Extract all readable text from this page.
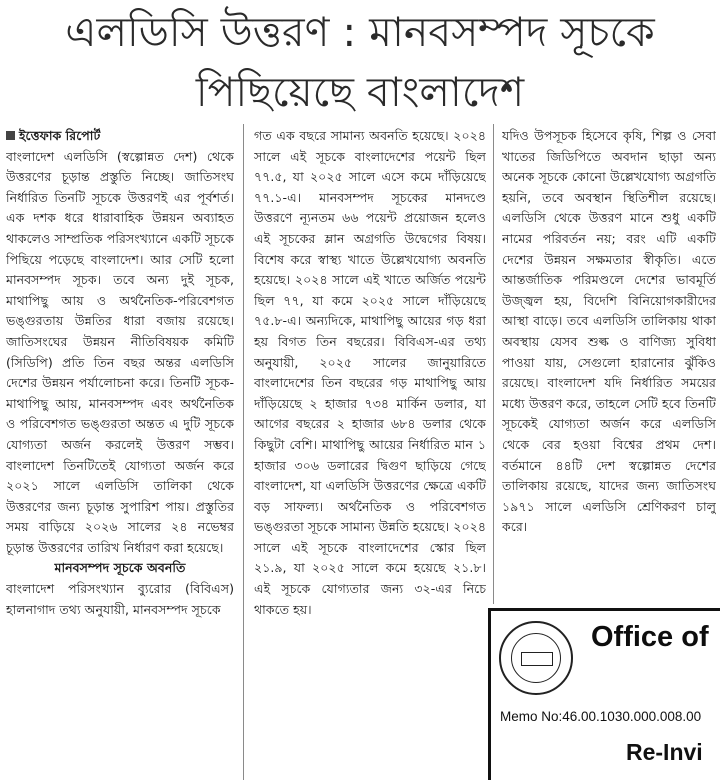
এলডিসি উত্তরণ : মানবসম্পদ সূচকে
পিছিয়েছে বাংলাদেশ

ইত্তেফাক রিপোর্ট

বাংলাদেশ এলডিসি (স্বল্পোন্নত দেশ) থেকে উত্তরণের চূড়ান্ত প্রস্তুতি নিচ্ছে। জাতিসংঘ নির্ধারিত তিনটি সূচকে উত্তরণই এর পূর্বশর্ত। এক দশক ধরে ধারাবাহিক উন্নয়ন অব্যাহত থাকলেও সাম্প্রতিক পরিসংখ্যানে একটি সূচকে পিছিয়ে পড়েছে বাংলাদেশ। আর সেটি হলো মানবসম্পদ সূচক। তবে অন্য দুই সূচক, মাথাপিছু আয় ও অর্থনৈতিক-পরিবেশগত ভঙ্গুরতায় উন্নতির ধারা বজায় রয়েছে। জাতিসংঘের উন্নয়ন নীতিবিষয়ক কমিটি (সিডিপি) প্রতি তিন বছর অন্তর এলডিসি দেশের উন্নয়ন পর্যালোচনা করে। তিনটি সূচক- মাথাপিছু আয়, মানবসম্পদ এবং অর্থনৈতিক ও পরিবেশগত ভঙ্গুরতা অন্তত এ দুটি সূচকে যোগ্যতা অর্জন করলেই উত্তরণ সম্ভব। বাংলাদেশ তিনটিতেই যোগ্যতা অর্জন করে ২০২১ সালে এলডিসি তালিকা থেকে উত্তরণের জন্য চূড়ান্ত সুপারিশ পায়। প্রস্তুতির সময় বাড়িয়ে ২০২৬ সালের ২৪ নভেম্বর চূড়ান্ত উত্তরণের তারিখ নির্ধারণ করা হয়েছে।

মানবসম্পদ সূচকে অবনতি

বাংলাদেশ পরিসংখ্যান ব্যুরোর (বিবিএস) হালনাগাদ তথ্য অনুযায়ী, মানবসম্পদ সূচকে

গত এক বছরে সামান্য অবনতি হয়েছে। ২০২৪ সালে এই সূচকে বাংলাদেশের পয়েন্ট ছিল ৭৭.৫, যা ২০২৫ সালে এসে কমে দাঁড়িয়েছে ৭৭.১-এ। মানবসম্পদ সূচকের মানদণ্ডে উত্তরণে ন্যূনতম ৬৬ পয়েন্ট প্রয়োজন হলেও এই সূচকের ম্লান অগ্রগতি উদ্বেগের বিষয়। বিশেষ করে স্বাস্থ্য খাতে উল্লেখযোগ্য অবনতি হয়েছে। ২০২৪ সালে এই খাতে অর্জিত পয়েন্ট ছিল ৭৭, যা কমে ২০২৫ সালে দাঁড়িয়েছে ৭৫.৮-এ। অন্যদিকে, মাথাপিছু আয়ের গড় ধরা হয় বিগত তিন বছরের। বিবিএস-এর তথ্য অনুযায়ী, ২০২৫ সালের জানুয়ারিতে বাংলাদেশের তিন বছরের গড় মাথাপিছু আয় দাঁড়িয়েছে ২ হাজার ৭৩৪ মার্কিন ডলার, যা আগের বছরের ২ হাজার ৬৮৪ ডলার থেকে কিছুটা বেশি। মাথাপিছু আয়ের নির্ধারিত মান ১ হাজার ৩০৬ ডলারের দ্বিগুণ ছাড়িয়ে গেছে বাংলাদেশ, যা এলডিসি উত্তরণের ক্ষেত্রে একটি বড় সাফল্য। অর্থনৈতিক ও পরিবেশগত ভঙ্গুরতা সূচকে সামান্য উন্নতি হয়েছে। ২০২৪ সালে এই সূচকে বাংলাদেশের স্কোর ছিল ২১.৯, যা ২০২৫ সালে কমে হয়েছে ২১.৮। এই সূচকে যোগ্যতার জন্য ৩২-এর নিচে থাকতে হয়।

যদিও উপসূচক হিসেবে কৃষি, শিল্প ও সেবা খাতের জিডিপিতে অবদান ছাড়া অন্য অনেক সূচকে কোনো উল্লেখযোগ্য অগ্রগতি হয়নি, তবে অবস্থান স্থিতিশীল রয়েছে। এলডিসি থেকে উত্তরণ মানে শুধু একটি নামের পরিবর্তন নয়; বরং এটি একটি দেশের উন্নয়ন সক্ষমতার স্বীকৃতি। এতে আন্তর্জাতিক পরিমণ্ডলে দেশের ভাবমূর্তি উজ্জ্বল হয়, বিদেশি বিনিয়োগকারীদের আস্থা বাড়ে। তবে এলডিসি তালিকায় থাকা অবস্থায় যেসব শুল্ক ও বাণিজ্য সুবিধা পাওয়া যায়, সেগুলো হারানোর ঝুঁকিও রয়েছে। বাংলাদেশ যদি নির্ধারিত সময়ের মধ্যে উত্তরণ করে, তাহলে সেটি হবে তিনটি সূচকেই যোগ্যতা অর্জন করে এলডিসি থেকে বের হওয়া বিশ্বের প্রথম দেশ। বর্তমানে ৪৪টি দেশ স্বল্পোন্নত দেশের তালিকায় রয়েছে, যাদের জন্য জাতিসংঘ ১৯৭১ সালে এলডিসি শ্রেণিকরণ চালু করে।

Office of
Memo No:46.00.1030.000.008.00
Re-Invi
